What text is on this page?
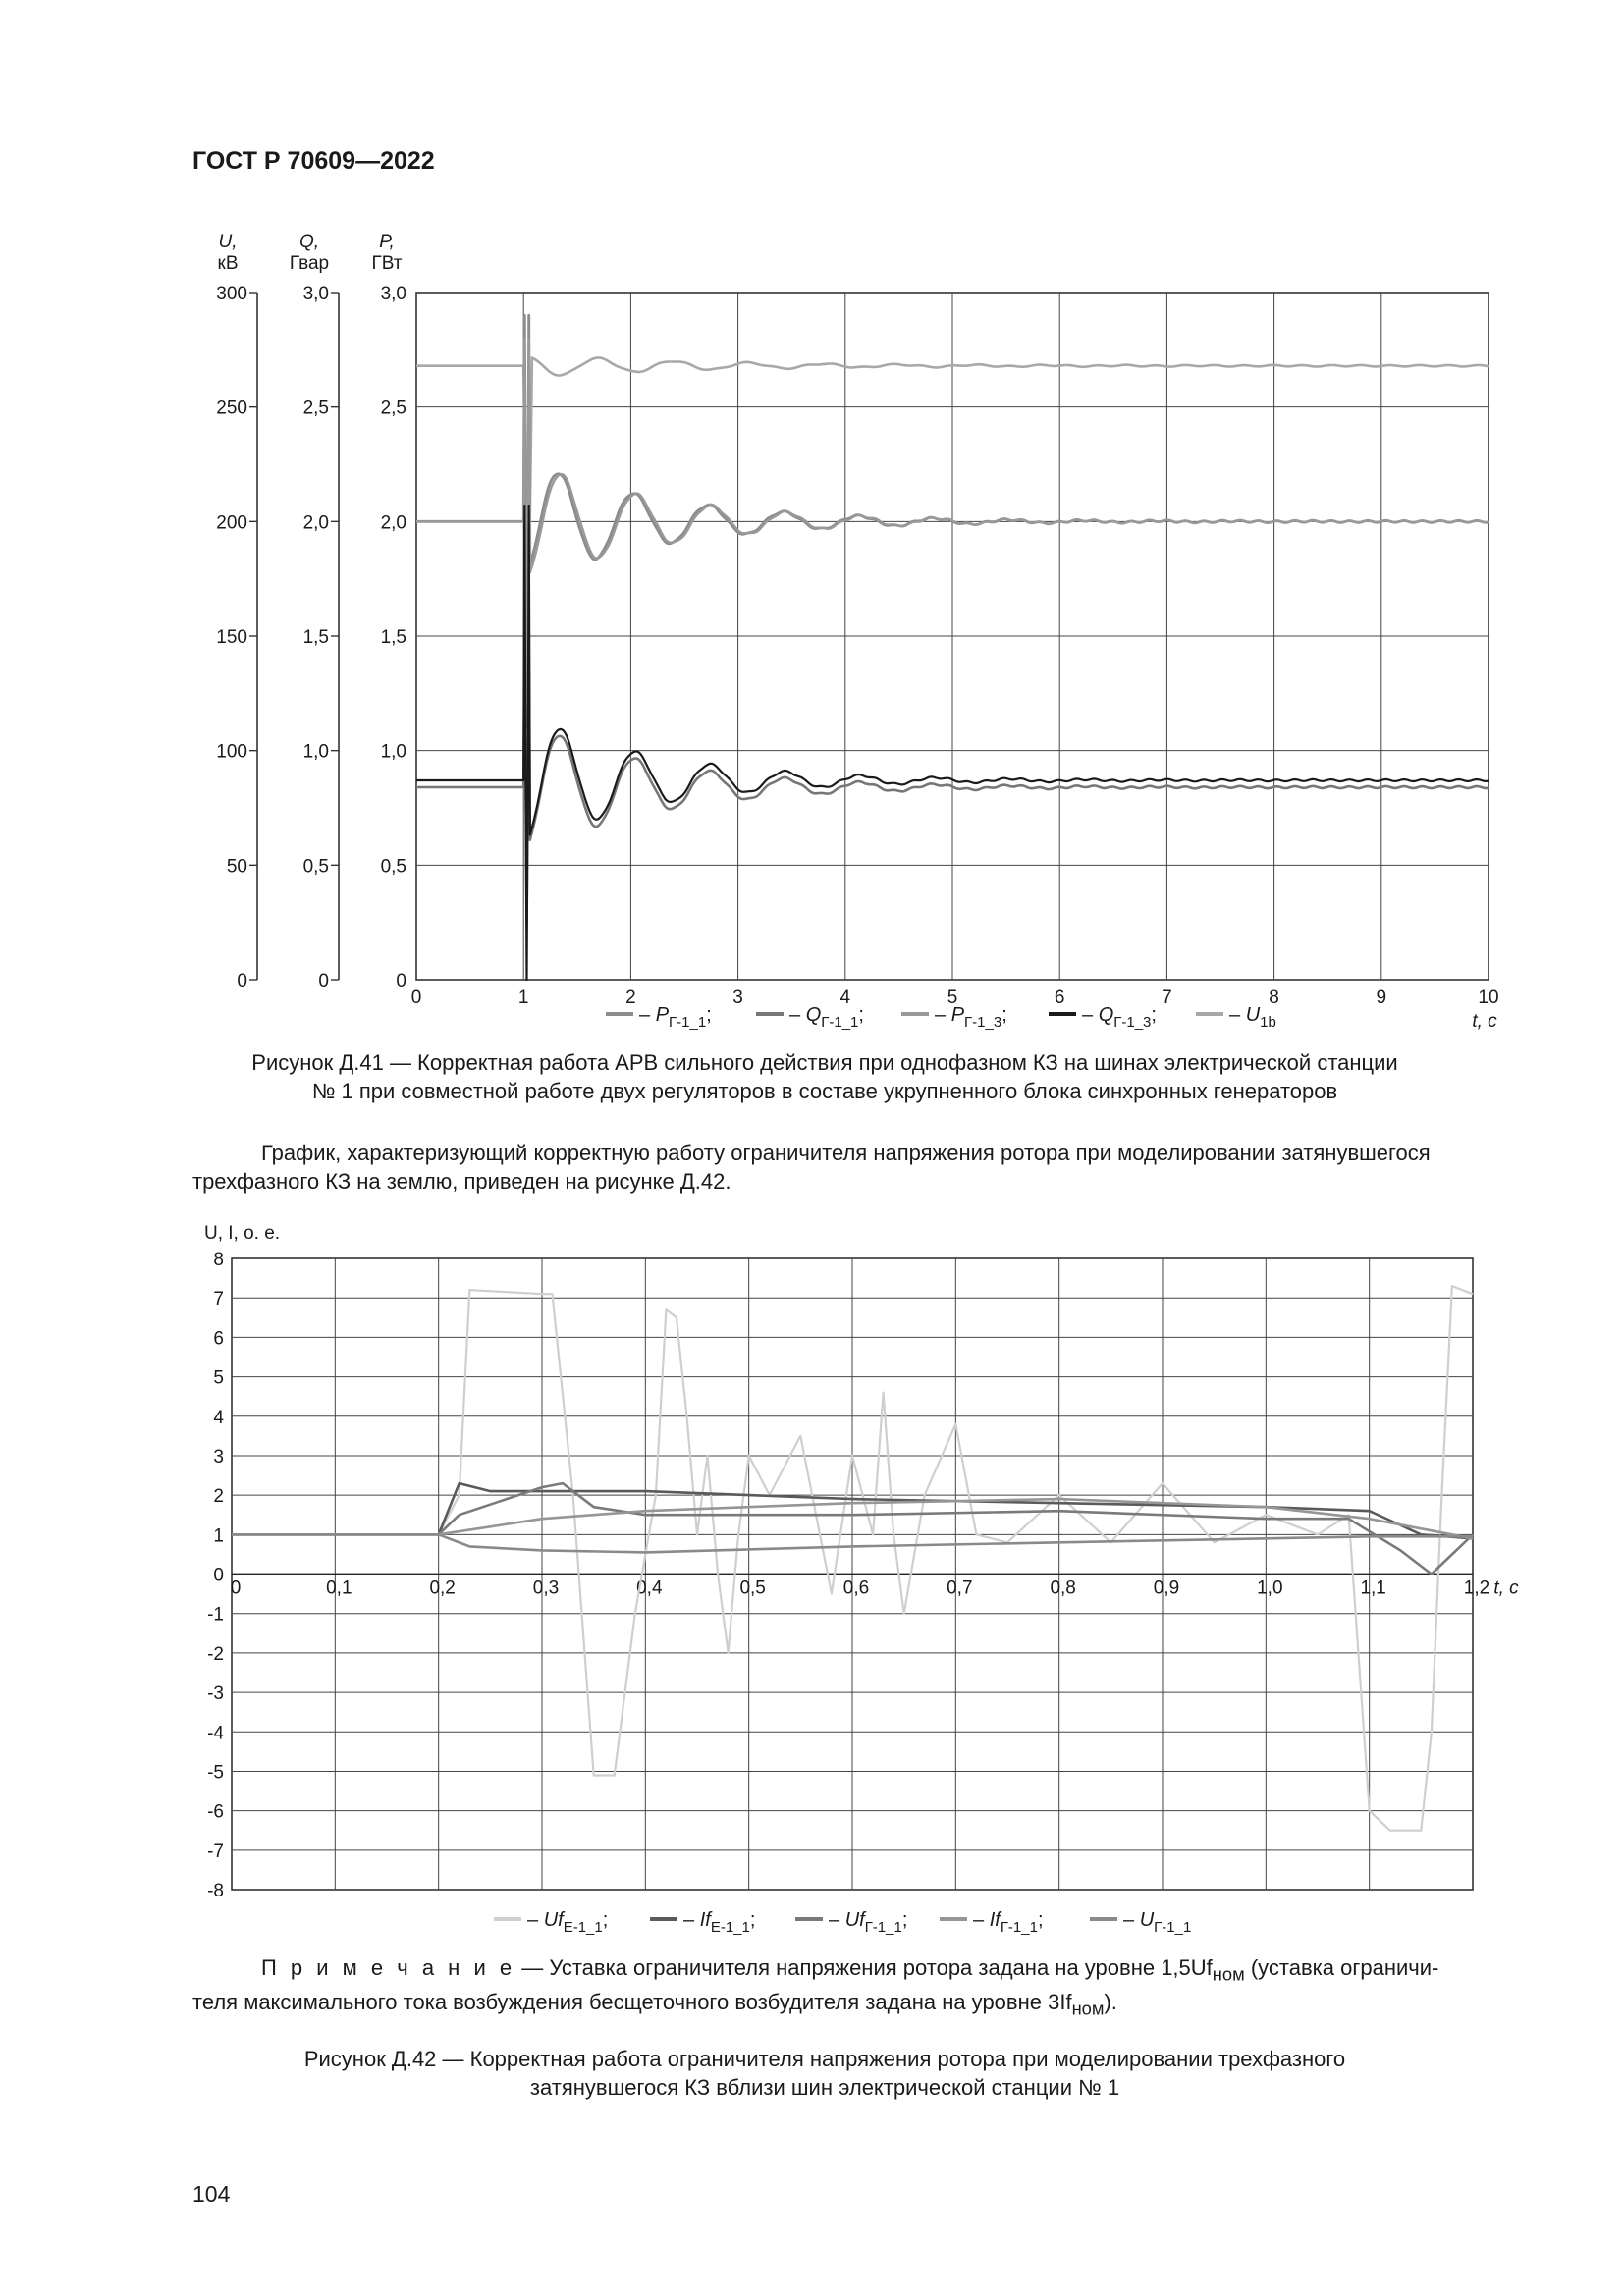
ГОСТ Р 70609—2022
0	1	2	3	4	5	6	7	8	9	10
t, c
0
50
100
150
200
250
300
U,
кВ
0
0,5
1,0
1,5
2,0
2,5
3,0
Q,
Гвар
0
0,5
1,0
1,5
2,0
2,5
3,0
P,
ГВт
– $P_{Г-1\_1}$;	– $Q_{Г-1\_1}$;	– $P_{Г-1\_3}$;	– $Q_{Г-1\_3}$;	– $U_{1b}$
Рисунок Д.41 — Корректная работа АРВ сильного действия при однофазном КЗ на шинах электрической станции
№ 1 при совместной работе двух регуляторов в составе укрупненного блока синхронных генераторов
График, характеризующий корректную работу ограничителя напряжения ротора при моделировании затянувшегося трехфазного КЗ на землю, приведен на рисунке Д.42.
0	0,1	0,2	0,3	0,4	0,5	0,6	0,7	0,8	0,9	1,0	1,1	1,2
8
7
6
5
4
3
2
1
0
-1
-2
-3
-4
-5
-6
-7
-8
t, c
U, I, о. е.
– $Uf_{Е-1\_1}$;	– $If_{Е-1\_1}$;	– $Uf_{Г-1\_1}$;	– $If_{Г-1\_1}$;	– $U_{Г-1\_1}$
П р и м е ч а н и е — Уставка ограничителя напряжения ротора задана на уровне $1,5Uf_{ном}$ (уставка ограничи-
теля максимального тока возбуждения бесщеточного возбудителя задана на уровне $3If_{ном}$).
Рисунок Д.42 — Корректная работа ограничителя напряжения ротора при моделировании трехфазного
затянувшегося КЗ вблизи шин электрической станции № 1
104
